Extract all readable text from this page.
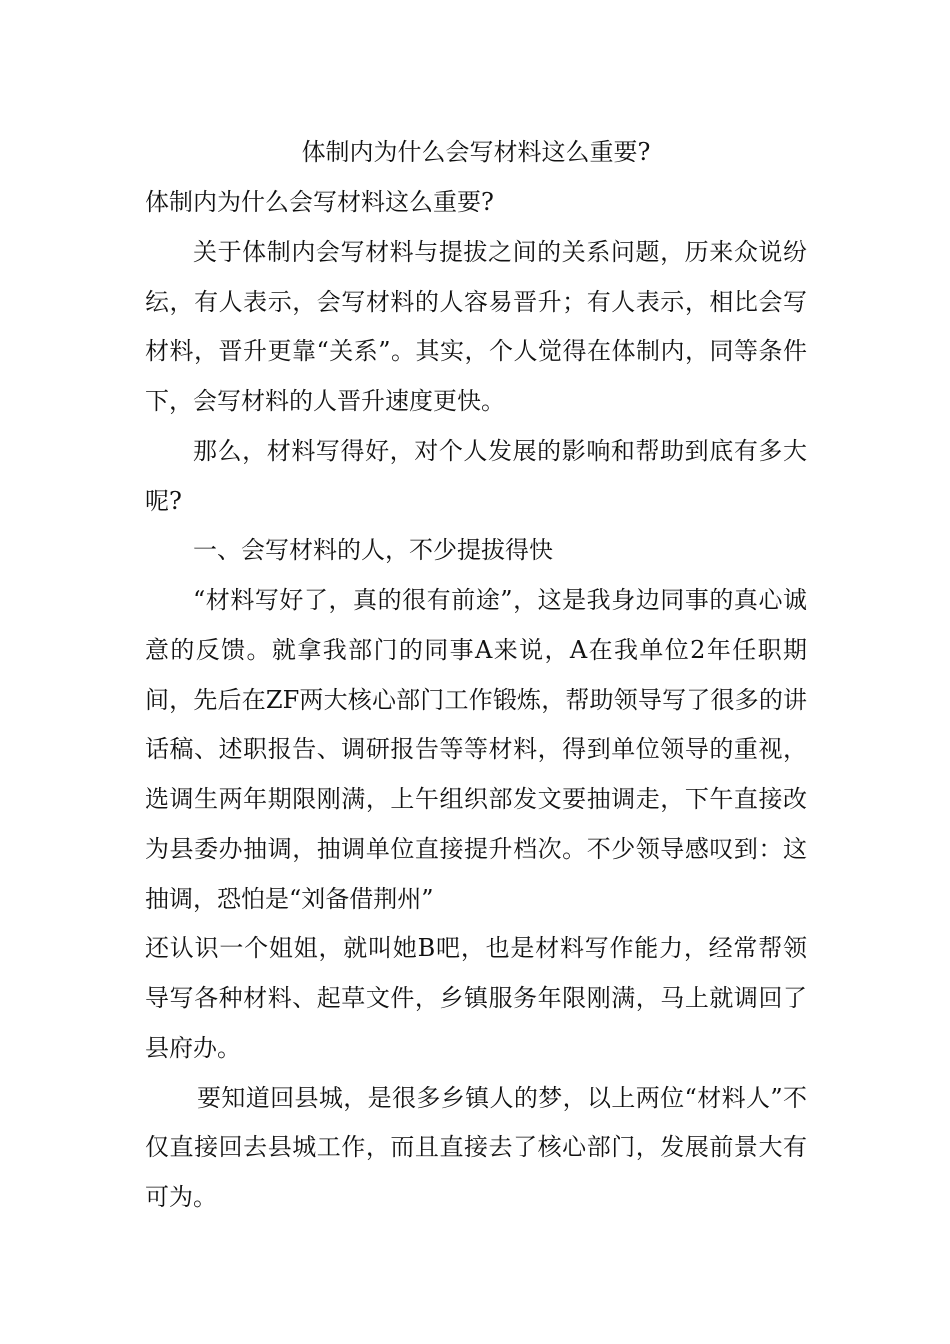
体制内为什么会写材料这么重要?

体制内为什么会写材料这么重要?

关于体制内会写材料与提拔之间的关系问题，历来众说纷纭，有人表示，会写材料的人容易晋升；有人表示，相比会写材料，晋升更靠“关系”。其实，个人觉得在体制内，同等条件下，会写材料的人晋升速度更快。

那么，材料写得好，对个人发展的影响和帮助到底有多大呢?

一、会写材料的人，不少提拔得快

“材料写好了，真的很有前途”，这是我身边同事的真心诚意的反馈。就拿我部门的同事A来说，A在我单位2年任职期间，先后在ZF两大核心部门工作锻炼，帮助领导写了很多的讲话稿、述职报告、调研报告等等材料，得到单位领导的重视，选调生两年期限刚满，上午组织部发文要抽调走，下午直接改为县委办抽调，抽调单位直接提升档次。不少领导感叹到：这抽调，恐怕是“刘备借荆州”

还认识一个姐姐，就叫她B吧，也是材料写作能力，经常帮领导写各种材料、起草文件，乡镇服务年限刚满，马上就调回了县府办。

要知道回县城，是很多乡镇人的梦，以上两位“材料人”不仅直接回去县城工作，而且直接去了核心部门，发展前景大有可为。
